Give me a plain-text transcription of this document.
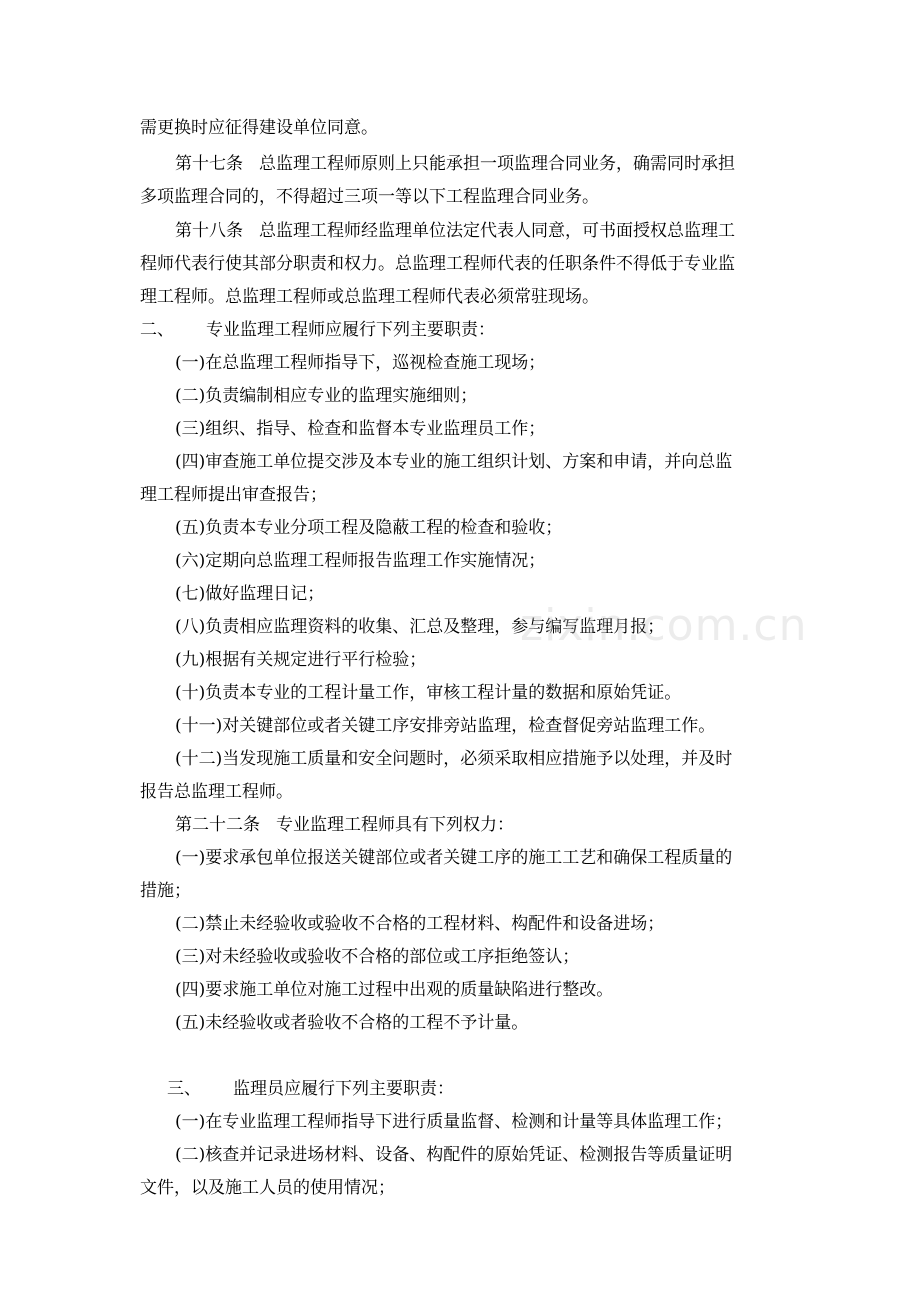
需更换时应征得建设单位同意。
第十七条 总监理工程师原则上只能承担一项监理合同业务，确需同时承担
多项监理合同的，不得超过三项一等以下工程监理合同业务。
第十八条 总监理工程师经监理单位法定代表人同意，可书面授权总监理工
程师代表行使其部分职责和权力。总监理工程师代表的任职条件不得低于专业监
理工程师。总监理工程师或总监理工程师代表必须常驻现场。
二、 专业监理工程师应履行下列主要职责：
(一)在总监理工程师指导下，巡视检查施工现场；
(二)负责编制相应专业的监理实施细则；
(三)组织、指导、检查和监督本专业监理员工作；
(四)审查施工单位提交涉及本专业的施工组织计划、方案和申请，并向总监
理工程师提出审查报告；
(五)负责本专业分项工程及隐蔽工程的检查和验收；
(六)定期向总监理工程师报告监理工作实施情况；
(七)做好监理日记；
(八)负责相应监理资料的收集、汇总及整理，参与编写监理月报；
(九)根据有关规定进行平行检验；
(十)负责本专业的工程计量工作，审核工程计量的数据和原始凭证。
(十一)对关键部位或者关键工序安排旁站监理，检查督促旁站监理工作。
(十二)当发现施工质量和安全问题时，必须采取相应措施予以处理，并及时
报告总监理工程师。
第二十二条 专业监理工程师具有下列权力：
(一)要求承包单位报送关键部位或者关键工序的施工工艺和确保工程质量的
措施；
(二)禁止未经验收或验收不合格的工程材料、构配件和设备进场；
(三)对未经验收或验收不合格的部位或工序拒绝签认；
(四)要求施工单位对施工过程中出观的质量缺陷进行整改。
(五)未经验收或者验收不合格的工程不予计量。
三、 监理员应履行下列主要职责：
(一)在专业监理工程师指导下进行质量监督、检测和计量等具体监理工作；
(二)核查并记录进场材料、设备、构配件的原始凭证、检测报告等质量证明
文件，以及施工人员的使用情况；
zixin.com.cn
